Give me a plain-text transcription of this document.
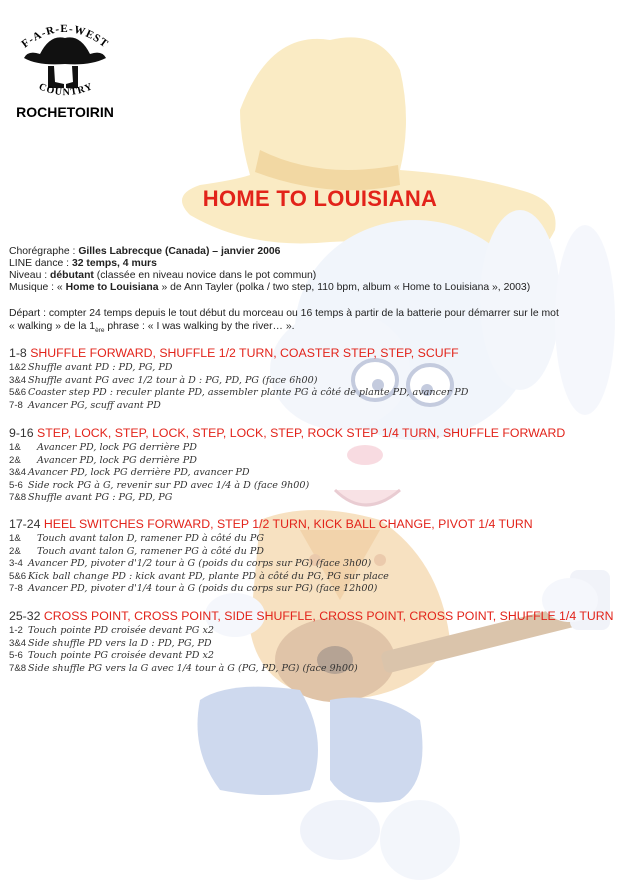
F-A-R-E-WEST
COUNTRY
ROCHETOIRIN
HOME TO LOUISIANA
Chorégraphe : Gilles Labrecque (Canada) – janvier 2006
LINE dance : 32 temps, 4 murs
Niveau : débutant (classée en niveau novice dans le pot commun)
Musique : « Home to Louisiana » de Ann Tayler (polka / two step, 110 bpm, album « Home to Louisiana », 2003)
Départ : compter 24 temps depuis le tout début du morceau ou 16 temps à partir de la batterie pour démarrer sur le mot
« walking » de la $1_{ère}$ phrase : « I was walking by the river… ».
1-8 SHUFFLE FORWARD, SHUFFLE 1/2 TURN, COASTER STEP, STEP, SCUFF
1&2 Shuffle avant PD : PD, PG, PD
3&4 Shuffle avant PG avec 1/2 tour à D : PG, PD, PG (face 6h00)
5&6 Coaster step PD : reculer plante PD, assembler plante PG à côté de plante PD, avancer PD
7-8 Avancer PG, scuff avant PD
9-16 STEP, LOCK, STEP, LOCK, STEP, LOCK, STEP, ROCK STEP 1/4 TURN, SHUFFLE FORWARD
1& Avancer PD, lock PG derrière PD
2& Avancer PD, lock PG derrière PD
3&4 Avancer PD, lock PG derrière PD, avancer PD
5-6 Side rock PG à G, revenir sur PD avec 1/4 à D (face 9h00)
7&8 Shuffle avant PG : PG, PD, PG
17-24 HEEL SWITCHES FORWARD, STEP 1/2 TURN, KICK BALL CHANGE, PIVOT 1/4 TURN
1& Touch avant talon D, ramener PD à côté du PG
2& Touch avant talon G, ramener PG à côté du PD
3-4 Avancer PD, pivoter d'1/2 tour à G (poids du corps sur PG) (face 3h00)
5&6 Kick ball change PD : kick avant PD, plante PD à côté du PG, PG sur place
7-8 Avancer PD, pivoter d'1/4 tour à G (poids du corps sur PG) (face 12h00)
25-32 CROSS POINT, CROSS POINT, SIDE SHUFFLE, CROSS POINT, CROSS POINT, SHUFFLE 1/4 TURN
1-2 Touch pointe PD croisée devant PG x2
3&4 Side shuffle PD vers la D : PD, PG, PD
5-6 Touch pointe PG croisée devant PD x2
7&8 Side shuffle PG vers la G avec 1/4 tour à G (PG, PD, PG) (face 9h00)
